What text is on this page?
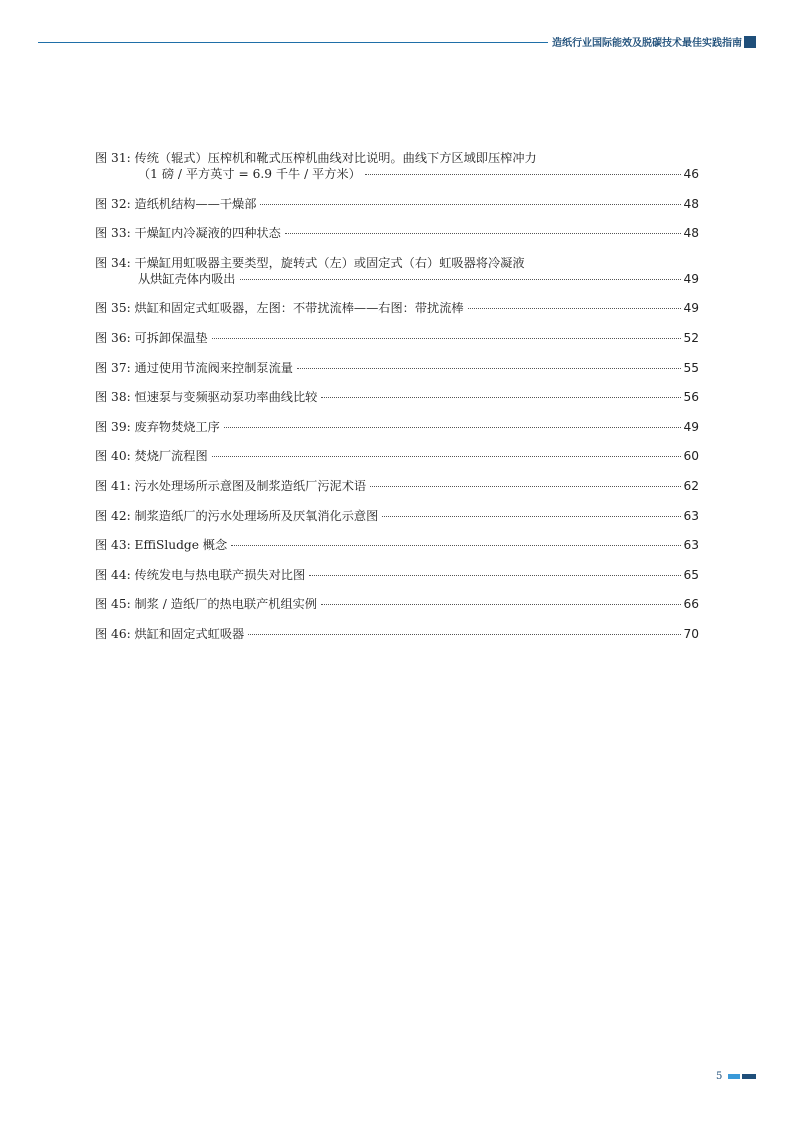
造纸行业国际能效及脱碳技术最佳实践指南
图 31: 传统（辊式）压榨机和靴式压榨机曲线对比说明。曲线下方区域即压榨冲力
（1 磅 / 平方英寸 = 6.9 千牛 / 平方米）	46
图 32: 造纸机结构——干燥部	48
图 33: 干燥缸内冷凝液的四种状态	48
图 34: 干燥缸用虹吸器主要类型，旋转式（左）或固定式（右）虹吸器将冷凝液
从烘缸壳体内吸出	49
图 35: 烘缸和固定式虹吸器，左图：不带扰流棒——右图：带扰流棒	49
图 36: 可拆卸保温垫	52
图 37: 通过使用节流阀来控制泵流量	55
图 38: 恒速泵与变频驱动泵功率曲线比较	56
图 39: 废弃物焚烧工序	49
图 40: 焚烧厂流程图	60
图 41: 污水处理场所示意图及制浆造纸厂污泥术语	62
图 42: 制浆造纸厂的污水处理场所及厌氧消化示意图	63
图 43: EffiSludge 概念	63
图 44: 传统发电与热电联产损失对比图	65
图 45: 制浆 / 造纸厂的热电联产机组实例	66
图 46: 烘缸和固定式虹吸器	70
5
